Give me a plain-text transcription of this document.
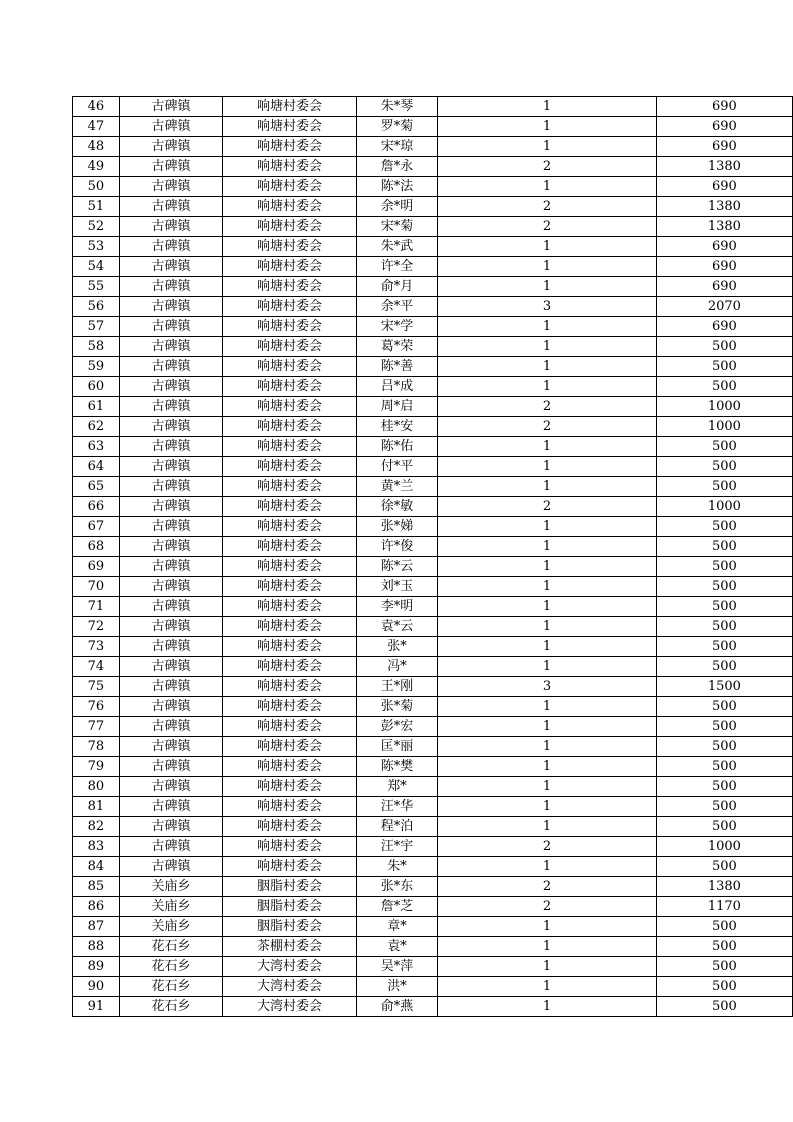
46	古碑镇	响塘村委会	朱*琴	1	690
47	古碑镇	响塘村委会	罗*菊	1	690
48	古碑镇	响塘村委会	宋*琼	1	690
49	古碑镇	响塘村委会	詹*永	2	1380
50	古碑镇	响塘村委会	陈*法	1	690
51	古碑镇	响塘村委会	余*明	2	1380
52	古碑镇	响塘村委会	宋*菊	2	1380
53	古碑镇	响塘村委会	朱*武	1	690
54	古碑镇	响塘村委会	许*全	1	690
55	古碑镇	响塘村委会	俞*月	1	690
56	古碑镇	响塘村委会	余*平	3	2070
57	古碑镇	响塘村委会	宋*学	1	690
58	古碑镇	响塘村委会	葛*荣	1	500
59	古碑镇	响塘村委会	陈*善	1	500
60	古碑镇	响塘村委会	吕*成	1	500
61	古碑镇	响塘村委会	周*启	2	1000
62	古碑镇	响塘村委会	桂*安	2	1000
63	古碑镇	响塘村委会	陈*佑	1	500
64	古碑镇	响塘村委会	付*平	1	500
65	古碑镇	响塘村委会	黄*兰	1	500
66	古碑镇	响塘村委会	徐*敏	2	1000
67	古碑镇	响塘村委会	张*娣	1	500
68	古碑镇	响塘村委会	许*俊	1	500
69	古碑镇	响塘村委会	陈*云	1	500
70	古碑镇	响塘村委会	刘*玉	1	500
71	古碑镇	响塘村委会	李*明	1	500
72	古碑镇	响塘村委会	袁*云	1	500
73	古碑镇	响塘村委会	张*	1	500
74	古碑镇	响塘村委会	冯*	1	500
75	古碑镇	响塘村委会	王*刚	3	1500
76	古碑镇	响塘村委会	张*菊	1	500
77	古碑镇	响塘村委会	彭*宏	1	500
78	古碑镇	响塘村委会	匡*丽	1	500
79	古碑镇	响塘村委会	陈*樊	1	500
80	古碑镇	响塘村委会	郑*	1	500
81	古碑镇	响塘村委会	汪*华	1	500
82	古碑镇	响塘村委会	程*泊	1	500
83	古碑镇	响塘村委会	汪*宇	2	1000
84	古碑镇	响塘村委会	朱*	1	500
85	关庙乡	胭脂村委会	张*东	2	1380
86	关庙乡	胭脂村委会	詹*芝	2	1170
87	关庙乡	胭脂村委会	章*	1	500
88	花石乡	茶棚村委会	袁*	1	500
89	花石乡	大湾村委会	吴*萍	1	500
90	花石乡	大湾村委会	洪*	1	500
91	花石乡	大湾村委会	俞*燕	1	500
